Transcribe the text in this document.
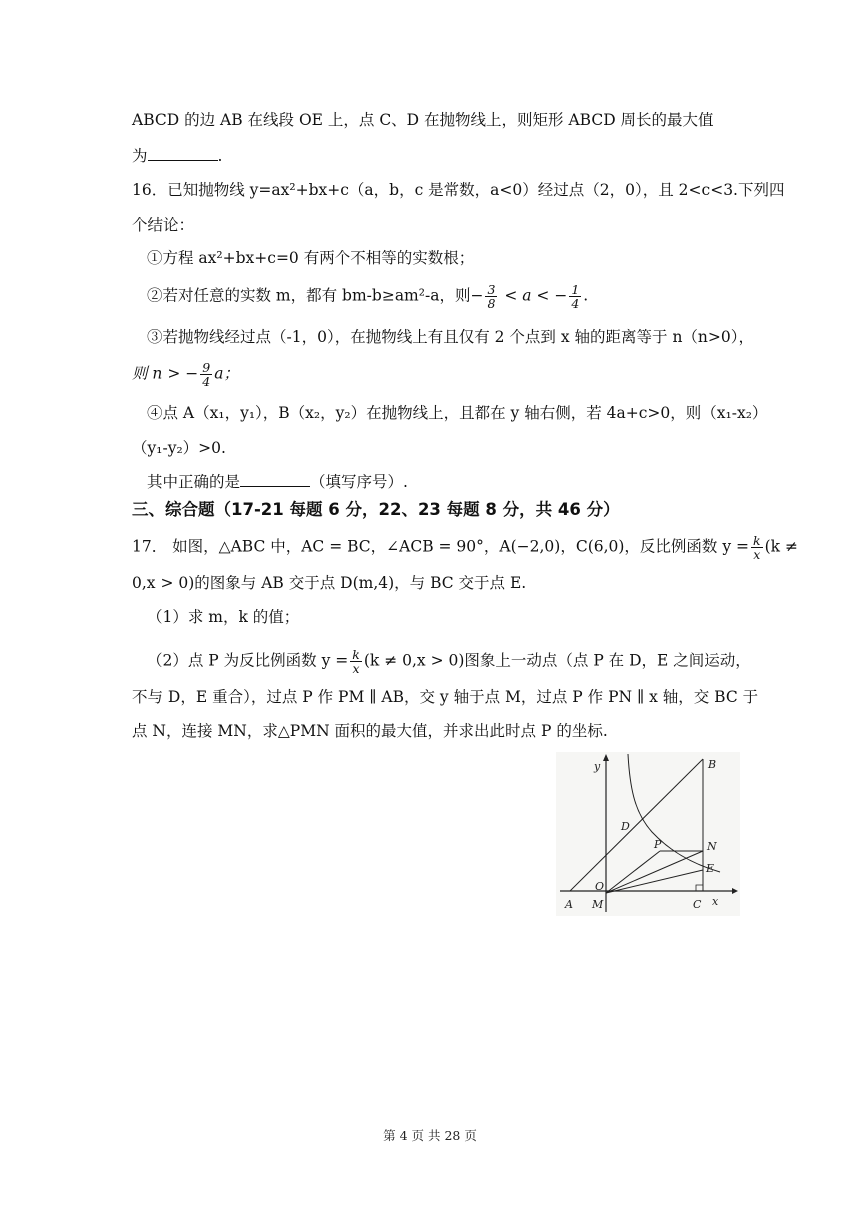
ABCD 的边 AB 在线段 OE 上，点 C、D 在抛物线上，则矩形 ABCD 周长的最大值
为	.
16．已知抛物线 y=ax²+bx+c（a，b，c 是常数，a<0）经过点（2，0），且 2<c<3.下列四
个结论：
①方程 ax²+bx+c=0 有两个不相等的实数根；
②若对任意的实数 m，都有 bm-b≥am²-a，则− $\frac{3}{8} < a$ < − $\frac{1}{4}$ .
③若抛物线经过点（-1，0），在抛物线上有且仅有 2 个点到 x 轴的距离等于 n（n>0），
则 n > − $\frac{9}{4}$ a；
④点 A（x₁，y₁），B（x₂，y₂）在抛物线上，且都在 y 轴右侧，若 4a+c>0，则（x₁-x₂）
（y₁-y₂）>0.
其中正确的是	（填写序号）.
三、综合题（17-21 每题 6 分，22、23 每题 8 分，共 46 分）
17． 如图，△ABC 中，AC = BC，∠ACB = 90°，A(−2,0)，C(6,0)，反比例函数 $y = \frac{k}{x} (k$ ≠
0,x > 0)的图象与 AB 交于点 D(m,4)，与 BC 交于点 E.
（1）求 m，k 的值；
（2）点 P 为反比例函数 $y = \frac{k}{x} (k \ne 0,x > 0)$图象上一动点（点 P 在 D，E 之间运动，
不与 D，E 重合），过点 P 作 PM ∥ AB，交 y 轴于点 M，过点 P 作 PN ∥ x 轴，交 BC 于
点 N，连接 MN，求△PMN 面积的最大值，并求出此时点 P 的坐标.
y
x
O
A
B
C
D
E
P	N
M
第 4 页 共 28 页
